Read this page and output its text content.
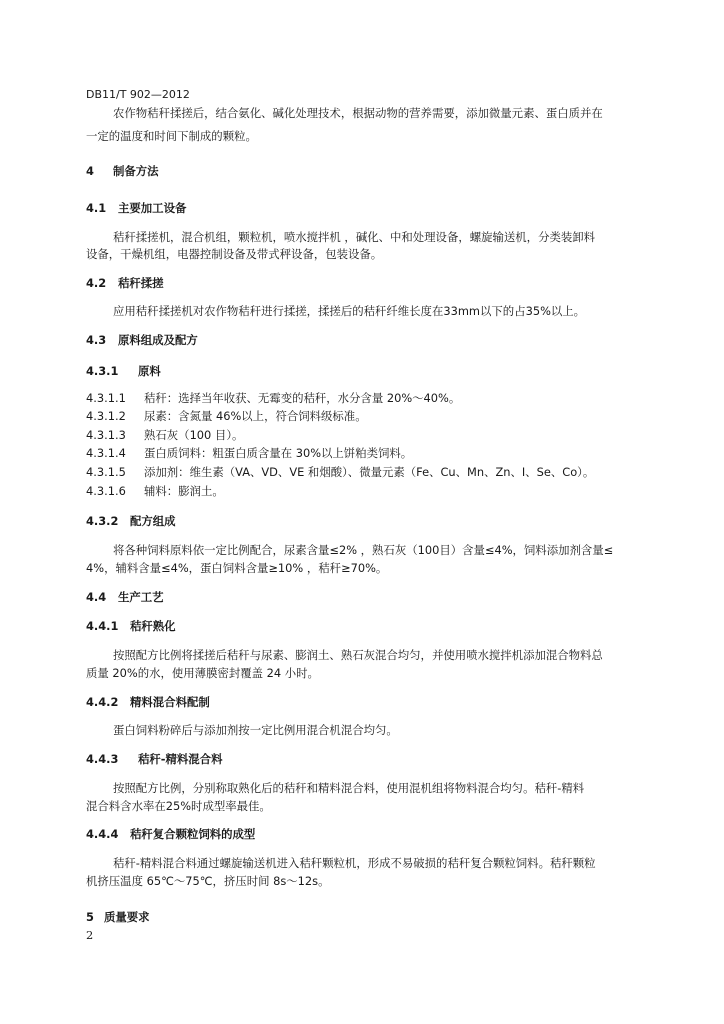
DB11/T 902—2012
农作物秸秆揉搓后，结合氨化、碱化处理技术，根据动物的营养需要，添加微量元素、蛋白质并在
一定的温度和时间下制成的颗粒。
4 制备方法
4.1 主要加工设备
秸秆揉搓机，混合机组，颗粒机，喷水搅拌机 ，碱化、中和处理设备，螺旋输送机，分类装卸料
设备，干燥机组，电器控制设备及带式秤设备，包装设备。
4.2 秸秆揉搓
应用秸秆揉搓机对农作物秸秆进行揉搓，揉搓后的秸秆纤维长度在33mm以下的占35%以上。
4.3 原料组成及配方
4.3.1 原料
4.3.1.1 秸秆：选择当年收获、无霉变的秸秆，水分含量 20%～40%。
4.3.1.2 尿素：含氮量 46%以上，符合饲料级标准。
4.3.1.3 熟石灰（100 目）。
4.3.1.4 蛋白质饲料：粗蛋白质含量在 30%以上饼粕类饲料。
4.3.1.5 添加剂：维生素（VA、VD、VE 和烟酸）、微量元素（Fe、Cu、Mn、Zn、I、Se、Co）。
4.3.1.6 辅料：膨润土。
4.3.2 配方组成
将各种饲料原料依一定比例配合，尿素含量≤2% ，熟石灰（100目）含量≤4%，饲料添加剂含量≤
4%，辅料含量≤4%，蛋白饲料含量≥10% ，秸秆≥70%。
4.4 生产工艺
4.4.1 秸秆熟化
按照配方比例将揉搓后秸秆与尿素、膨润土、熟石灰混合均匀，并使用喷水搅拌机添加混合物料总
质量 20%的水，使用薄膜密封覆盖 24 小时。
4.4.2 精料混合料配制
蛋白饲料粉碎后与添加剂按一定比例用混合机混合均匀。
4.4.3 秸秆-精料混合料
按照配方比例，分别称取熟化后的秸秆和精料混合料，使用混机组将物料混合均匀。秸秆-精料
混合料含水率在25%时成型率最佳。
4.4.4 秸秆复合颗粒饲料的成型
秸秆-精料混合料通过螺旋输送机进入秸秆颗粒机，形成不易破损的秸秆复合颗粒饲料。秸秆颗粒
机挤压温度 65℃～75℃，挤压时间 8s～12s。
5 质量要求
2
